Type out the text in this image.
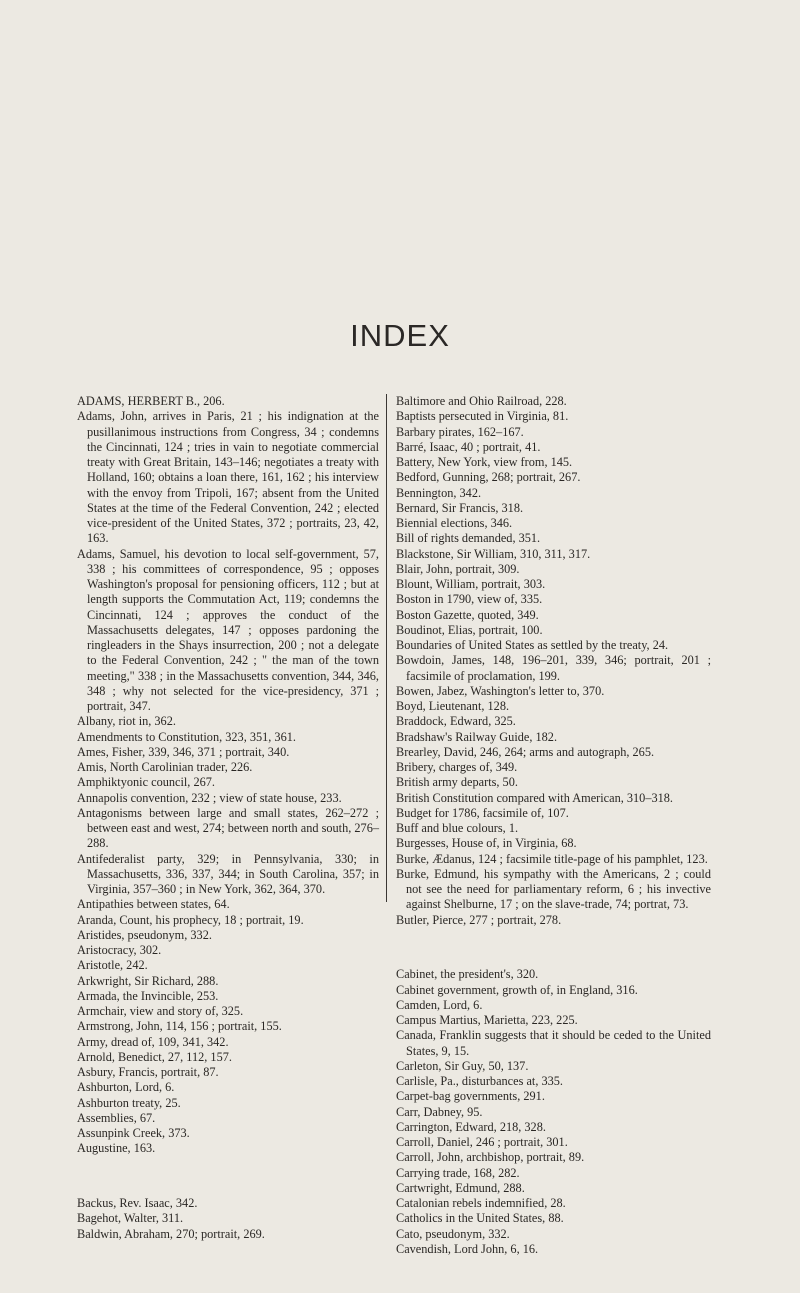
INDEX

ADAMS, HERBERT B., 206.

Adams, John, arrives in Paris, 21 ; his indignation at the pusillanimous instructions from Congress, 34 ; condemns the Cincinnati, 124 ; tries in vain to negotiate commercial treaty with Great Britain, 143–146; negotiates a treaty with Holland, 160; obtains a loan there, 161, 162 ; his interview with the envoy from Tripoli, 167; absent from the United States at the time of the Federal Convention, 242 ; elected vice-president of the United States, 372 ; portraits, 23, 42, 163.

Adams, Samuel, his devotion to local self-government, 57, 338 ; his committees of correspondence, 95 ; opposes Washington's proposal for pensioning officers, 112 ; but at length supports the Commutation Act, 119; condemns the Cincinnati, 124 ; approves the conduct of the Massachusetts delegates, 147 ; opposes pardoning the ringleaders in the Shays insurrection, 200 ; not a delegate to the Federal Convention, 242 ; " the man of the town meeting," 338 ; in the Massachusetts convention, 344, 346, 348 ; why not selected for the vice-presidency, 371 ; portrait, 347.

Albany, riot in, 362.

Amendments to Constitution, 323, 351, 361.

Ames, Fisher, 339, 346, 371 ; portrait, 340.

Amis, North Carolinian trader, 226.

Amphiktyonic council, 267.

Annapolis convention, 232 ; view of state house, 233.

Antagonisms between large and small states, 262–272 ; between east and west, 274; between north and south, 276–288.

Antifederalist party, 329; in Pennsylvania, 330; in Massachusetts, 336, 337, 344; in South Carolina, 357; in Virginia, 357–360 ; in New York, 362, 364, 370.

Antipathies between states, 64.

Aranda, Count, his prophecy, 18 ; portrait, 19.

Aristides, pseudonym, 332.

Aristocracy, 302.

Aristotle, 242.

Arkwright, Sir Richard, 288.

Armada, the Invincible, 253.

Armchair, view and story of, 325.

Armstrong, John, 114, 156 ; portrait, 155.

Army, dread of, 109, 341, 342.

Arnold, Benedict, 27, 112, 157.

Asbury, Francis, portrait, 87.

Ashburton, Lord, 6.

Ashburton treaty, 25.

Assemblies, 67.

Assunpink Creek, 373.

Augustine, 163.

Backus, Rev. Isaac, 342.

Bagehot, Walter, 311.

Baldwin, Abraham, 270; portrait, 269.

Baltimore and Ohio Railroad, 228.

Baptists persecuted in Virginia, 81.

Barbary pirates, 162–167.

Barré, Isaac, 40 ; portrait, 41.

Battery, New York, view from, 145.

Bedford, Gunning, 268; portrait, 267.

Bennington, 342.

Bernard, Sir Francis, 318.

Biennial elections, 346.

Bill of rights demanded, 351.

Blackstone, Sir William, 310, 311, 317.

Blair, John, portrait, 309.

Blount, William, portrait, 303.

Boston in 1790, view of, 335.

Boston Gazette, quoted, 349.

Boudinot, Elias, portrait, 100.

Boundaries of United States as settled by the treaty, 24.

Bowdoin, James, 148, 196–201, 339, 346; portrait, 201 ; facsimile of proclamation, 199.

Bowen, Jabez, Washington's letter to, 370.

Boyd, Lieutenant, 128.

Braddock, Edward, 325.

Bradshaw's Railway Guide, 182.

Brearley, David, 246, 264; arms and autograph, 265.

Bribery, charges of, 349.

British army departs, 50.

British Constitution compared with American, 310–318.

Budget for 1786, facsimile of, 107.

Buff and blue colours, 1.

Burgesses, House of, in Virginia, 68.

Burke, Ædanus, 124 ; facsimile title-page of his pamphlet, 123.

Burke, Edmund, his sympathy with the Americans, 2 ; could not see the need for parliamentary reform, 6 ; his invective against Shelburne, 17 ; on the slave-trade, 74; portrat, 73.

Butler, Pierce, 277 ; portrait, 278.

Cabinet, the president's, 320.

Cabinet government, growth of, in England, 316.

Camden, Lord, 6.

Campus Martius, Marietta, 223, 225.

Canada, Franklin suggests that it should be ceded to the United States, 9, 15.

Carleton, Sir Guy, 50, 137.

Carlisle, Pa., disturbances at, 335.

Carpet-bag governments, 291.

Carr, Dabney, 95.

Carrington, Edward, 218, 328.

Carroll, Daniel, 246 ; portrait, 301.

Carroll, John, archbishop, portrait, 89.

Carrying trade, 168, 282.

Cartwright, Edmund, 288.

Catalonian rebels indemnified, 28.

Catholics in the United States, 88.

Cato, pseudonym, 332.

Cavendish, Lord John, 6, 16.
